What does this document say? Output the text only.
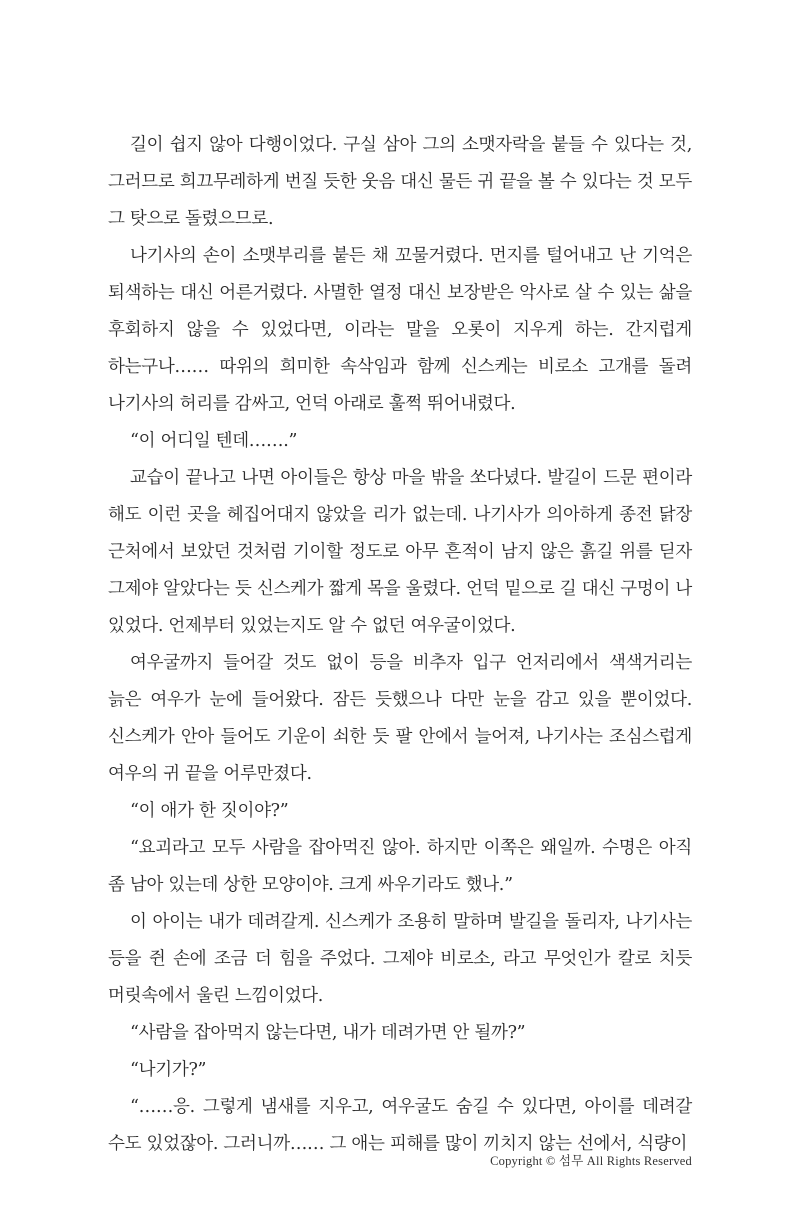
길이 쉽지 않아 다행이었다. 구실 삼아 그의 소맷자락을 붙들 수 있다는 것, 그러므로 희끄무레하게 번질 듯한 웃음 대신 물든 귀 끝을 볼 수 있다는 것 모두 그 탓으로 돌렸으므로.

나기사의 손이 소맷부리를 붙든 채 꼬물거렸다. 먼지를 털어내고 난 기억은 퇴색하는 대신 어른거렸다. 사멸한 열정 대신 보장받은 악사로 살 수 있는 삶을 후회하지 않을 수 있었다면, 이라는 말을 오롯이 지우게 하는. 간지럽게 하는구나…… 따위의 희미한 속삭임과 함께 신스케는 비로소 고개를 돌려 나기사의 허리를 감싸고, 언덕 아래로 훌쩍 뛰어내렸다.

“이 어디일 텐데…….”

교습이 끝나고 나면 아이들은 항상 마을 밖을 쏘다녔다. 발길이 드문 편이라 해도 이런 곳을 헤집어대지 않았을 리가 없는데. 나기사가 의아하게 종전 닭장 근처에서 보았던 것처럼 기이할 정도로 아무 흔적이 남지 않은 흙길 위를 딛자 그제야 알았다는 듯 신스케가 짧게 목을 울렸다. 언덕 밑으로 길 대신 구멍이 나 있었다. 언제부터 있었는지도 알 수 없던 여우굴이었다.

여우굴까지 들어갈 것도 없이 등을 비추자 입구 언저리에서 색색거리는 늙은 여우가 눈에 들어왔다. 잠든 듯했으나 다만 눈을 감고 있을 뿐이었다. 신스케가 안아 들어도 기운이 쇠한 듯 팔 안에서 늘어져, 나기사는 조심스럽게 여우의 귀 끝을 어루만졌다.

“이 애가 한 짓이야?”

“요괴라고 모두 사람을 잡아먹진 않아. 하지만 이쪽은 왜일까. 수명은 아직 좀 남아 있는데 상한 모양이야. 크게 싸우기라도 했나.”

이 아이는 내가 데려갈게. 신스케가 조용히 말하며 발길을 돌리자, 나기사는 등을 쥔 손에 조금 더 힘을 주었다. 그제야 비로소, 라고 무엇인가 칼로 치듯 머릿속에서 울린 느낌이었다.

“사람을 잡아먹지 않는다면, 내가 데려가면 안 될까?”

“나기가?”

“……응. 그렇게 냄새를 지우고, 여우굴도 숨길 수 있다면, 아이를 데려갈 수도 있었잖아. 그러니까…… 그 애는 피해를 많이 끼치지 않는 선에서, 식량이

Copyright © 섬무 All Rights Reserved
